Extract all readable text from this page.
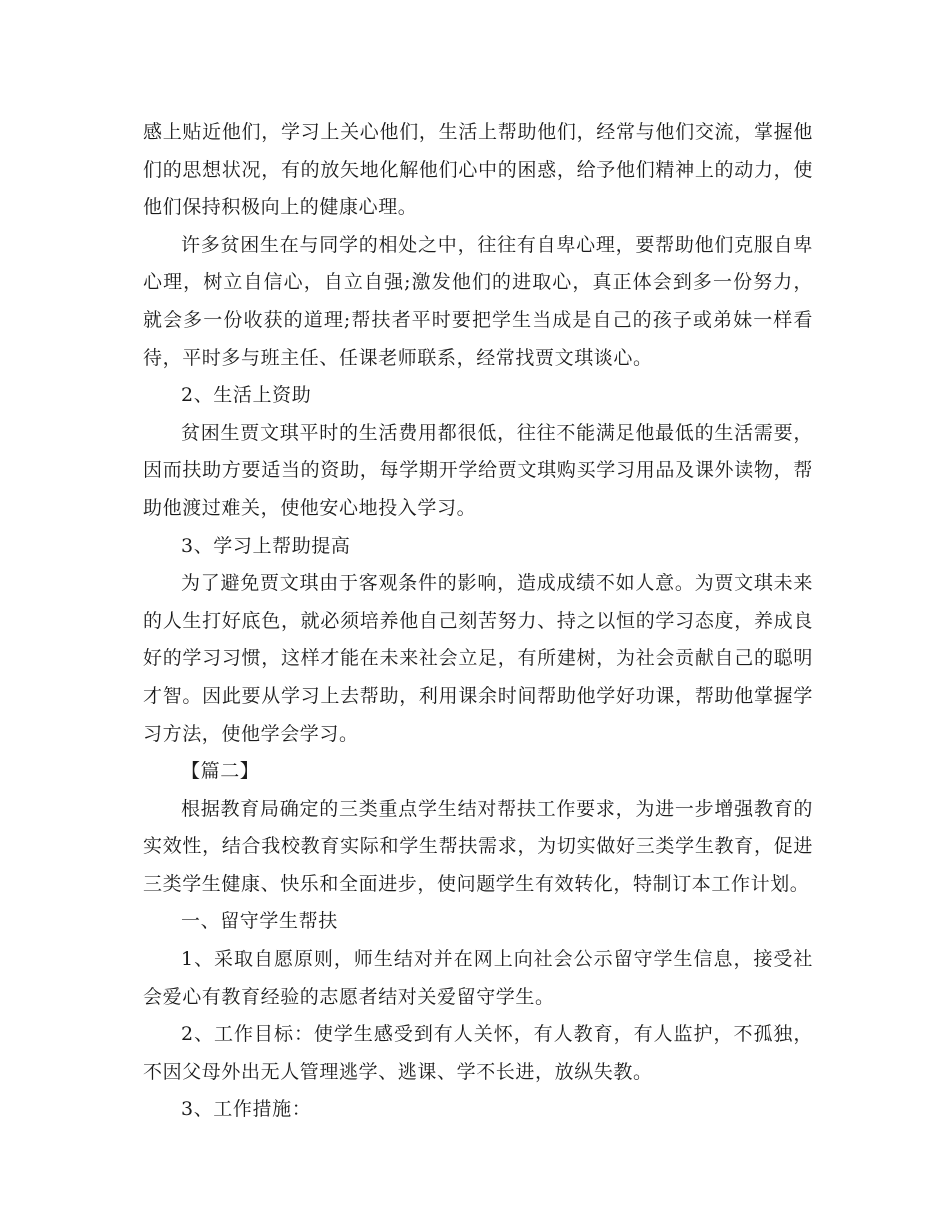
感上贴近他们，学习上关心他们，生活上帮助他们，经常与他们交流，掌握他们的思想状况，有的放矢地化解他们心中的困惑，给予他们精神上的动力，使他们保持积极向上的健康心理。

许多贫困生在与同学的相处之中，往往有自卑心理，要帮助他们克服自卑心理，树立自信心，自立自强;激发他们的进取心，真正体会到多一份努力，就会多一份收获的道理;帮扶者平时要把学生当成是自己的孩子或弟妹一样看待，平时多与班主任、任课老师联系，经常找贾文琪谈心。

2、生活上资助

贫困生贾文琪平时的生活费用都很低，往往不能满足他最低的生活需要，因而扶助方要适当的资助，每学期开学给贾文琪购买学习用品及课外读物，帮助他渡过难关，使他安心地投入学习。

3、学习上帮助提高

为了避免贾文琪由于客观条件的影响，造成成绩不如人意。为贾文琪未来的人生打好底色，就必须培养他自己刻苦努力、持之以恒的学习态度，养成良好的学习习惯，这样才能在未来社会立足，有所建树，为社会贡献自己的聪明才智。因此要从学习上去帮助，利用课余时间帮助他学好功课，帮助他掌握学习方法，使他学会学习。

【篇二】

根据教育局确定的三类重点学生结对帮扶工作要求，为进一步增强教育的实效性，结合我校教育实际和学生帮扶需求，为切实做好三类学生教育，促进三类学生健康、快乐和全面进步，使问题学生有效转化，特制订本工作计划。

一、留守学生帮扶

1、采取自愿原则，师生结对并在网上向社会公示留守学生信息，接受社会爱心有教育经验的志愿者结对关爱留守学生。

2、工作目标：使学生感受到有人关怀，有人教育，有人监护，不孤独，不因父母外出无人管理逃学、逃课、学不长进，放纵失教。

3、工作措施：
